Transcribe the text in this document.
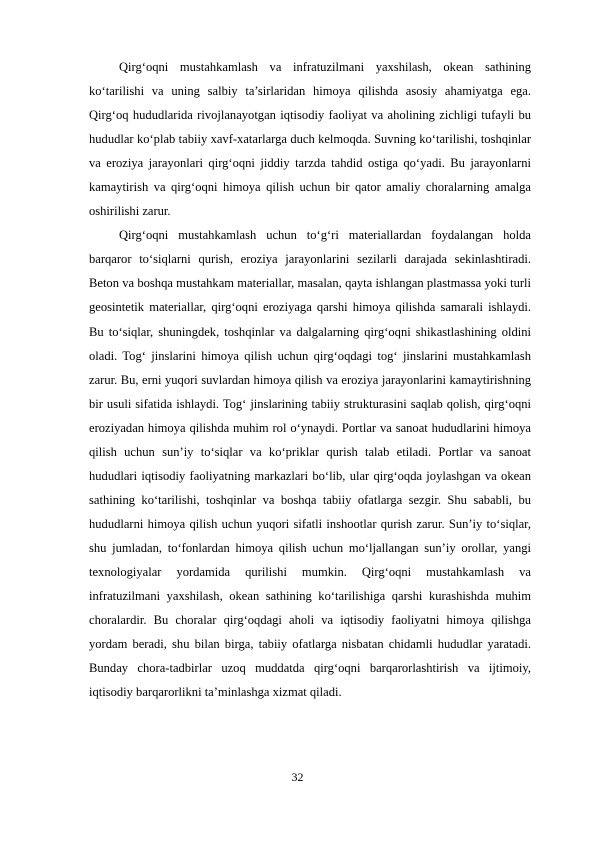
Qirg‘oqni mustahkamlash va infratuzilmani yaxshilash, okean sathining ko‘tarilishi va uning salbiy ta’sirlaridan himoya qilishda asosiy ahamiyatga ega. Qirg‘oq hududlarida rivojlanayotgan iqtisodiy faoliyat va aholining zichligi tufayli bu hududlar ko‘plab tabiiy xavf-xatarlarga duch kelmoqda. Suvning ko‘tarilishi, toshqinlar va eroziya jarayonlari qirg‘oqni jiddiy tarzda tahdid ostiga qo‘yadi. Bu jarayonlarni kamaytirish va qirg‘oqni himoya qilish uchun bir qator amaliy choralarning amalga oshirilishi zarur.

Qirg‘oqni mustahkamlash uchun to‘g‘ri materiallardan foydalangan holda barqaror to‘siqlarni qurish, eroziya jarayonlarini sezilarli darajada sekinlashtiradi. Beton va boshqa mustahkam materiallar, masalan, qayta ishlangan plastmassa yoki turli geosintetik materiallar, qirg‘oqni eroziyaga qarshi himoya qilishda samarali ishlaydi. Bu to‘siqlar, shuningdek, toshqinlar va dalgalarning qirg‘oqni shikastlashining oldini oladi. Tog‘ jinslarini himoya qilish uchun qirg‘oqdagi tog‘ jinslarini mustahkamlash zarur. Bu, erni yuqori suvlardan himoya qilish va eroziya jarayonlarini kamaytirishning bir usuli sifatida ishlaydi. Tog‘ jinslarining tabiiy strukturasini saqlab qolish, qirg‘oqni eroziyadan himoya qilishda muhim rol o‘ynaydi. Portlar va sanoat hududlarini himoya qilish uchun sun’iy to‘siqlar va ko‘priklar qurish talab etiladi. Portlar va sanoat hududlari iqtisodiy faoliyatning markazlari bo‘lib, ular qirg‘oqda joylashgan va okean sathining ko‘tarilishi, toshqinlar va boshqa tabiiy ofatlarga sezgir. Shu sababli, bu hududlarni himoya qilish uchun yuqori sifatli inshootlar qurish zarur. Sun’iy to‘siqlar, shu jumladan, to‘fonlardan himoya qilish uchun mo‘ljallangan sun’iy orollar, yangi texnologiyalar yordamida qurilishi mumkin. Qirg‘oqni mustahkamlash va infratuzilmani yaxshilash, okean sathining ko‘tarilishiga qarshi kurashishda muhim choralardir. Bu choralar qirg‘oqdagi aholi va iqtisodiy faoliyatni himoya qilishga yordam beradi, shu bilan birga, tabiiy ofatlarga nisbatan chidamli hududlar yaratadi. Bunday chora-tadbirlar uzoq muddatda qirg‘oqni barqarorlashtirish va ijtimoiy, iqtisodiy barqarorlikni ta’minlashga xizmat qiladi.

32
